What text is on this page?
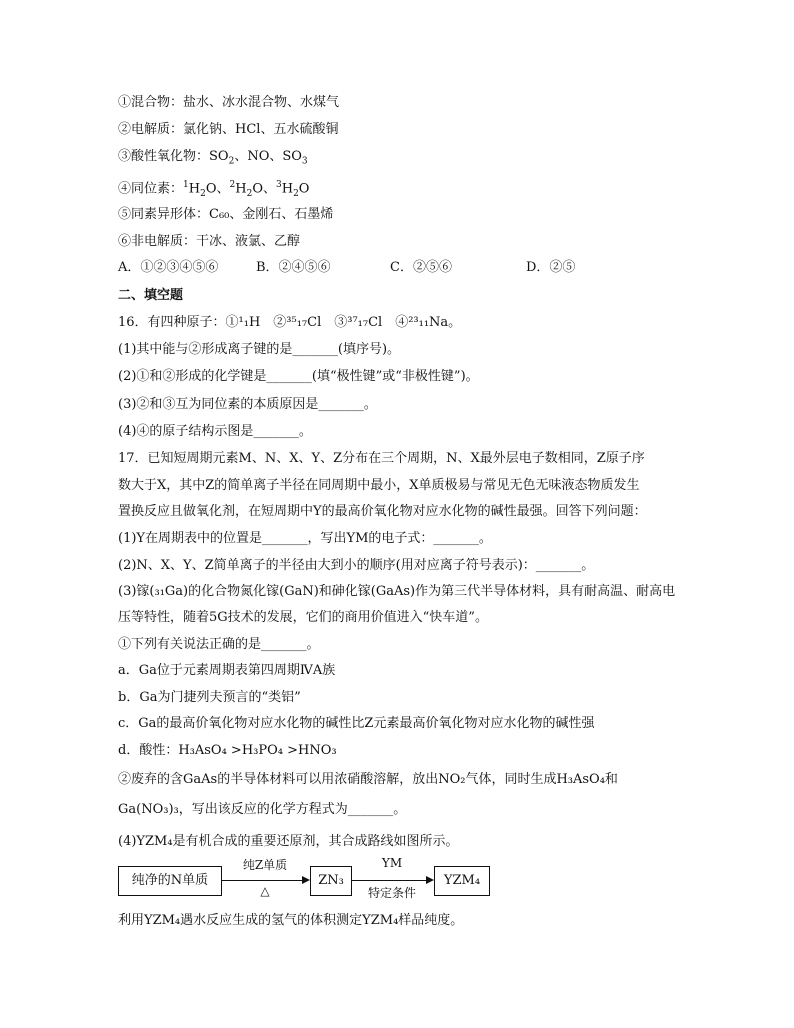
①混合物：盐水、冰水混合物、水煤气
②电解质：氯化钠、HCl、五水硫酸铜
③酸性氧化物：$SO_2$、NO、$SO_3$
④同位素：$^1H_2O$、$^2H_2O$、$^3H_2O$
⑤同素异形体：C₆₀、金刚石、石墨烯
⑥非电解质：干冰、液氯、乙醇
A．①②③④⑤⑥	B．②④⑤⑥	C．②⑤⑥	D．②⑤
二、填空题
16．有四种原子：①¹₁H　②³⁵₁₇Cl　③³⁷₁₇Cl　④²³₁₁Na。
(1)其中能与②形成离子键的是_______(填序号)。
(2)①和②形成的化学键是_______(填“极性键”或“非极性键”)。
(3)②和③互为同位素的本质原因是_______。
(4)④的原子结构示图是_______。
17．已知短周期元素M、N、X、Y、Z分布在三个周期，N、X最外层电子数相同，Z原子序
数大于X，其中Z的简单离子半径在同周期中最小，X单质极易与常见无色无味液态物质发生
置换反应且做氧化剂，在短周期中Y的最高价氧化物对应水化物的碱性最强。回答下列问题：
(1)Y在周期表中的位置是_______，写出YM的电子式：_______。
(2)N、X、Y、Z简单离子的半径由大到小的顺序(用对应离子符号表示)：_______。
(3)镓(₃₁Ga)的化合物氮化镓(GaN)和砷化镓(GaAs)作为第三代半导体材料，具有耐高温、耐高电
压等特性，随着5G技术的发展，它们的商用价值进入“快车道”。
①下列有关说法正确的是_______。
a．Ga位于元素周期表第四周期ⅣA族
b．Ga为门捷列夫预言的“类铝”
c．Ga的最高价氧化物对应水化物的碱性比Z元素最高价氧化物对应水化物的碱性强
d．酸性：H₃AsO₄ >H₃PO₄ >HNO₃
②废弃的含GaAs的半导体材料可以用浓硝酸溶解，放出NO₂气体，同时生成H₃AsO₄和
Ga(NO₃)₃，写出该反应的化学方程式为_______。
(4)YZM₄是有机合成的重要还原剂，其合成路线如图所示。
纯净的N单质
纯Z单质
△
ZN₃
YM
特定条件
YZM₄
利用YZM₄遇水反应生成的氢气的体积测定YZM₄样品纯度。
